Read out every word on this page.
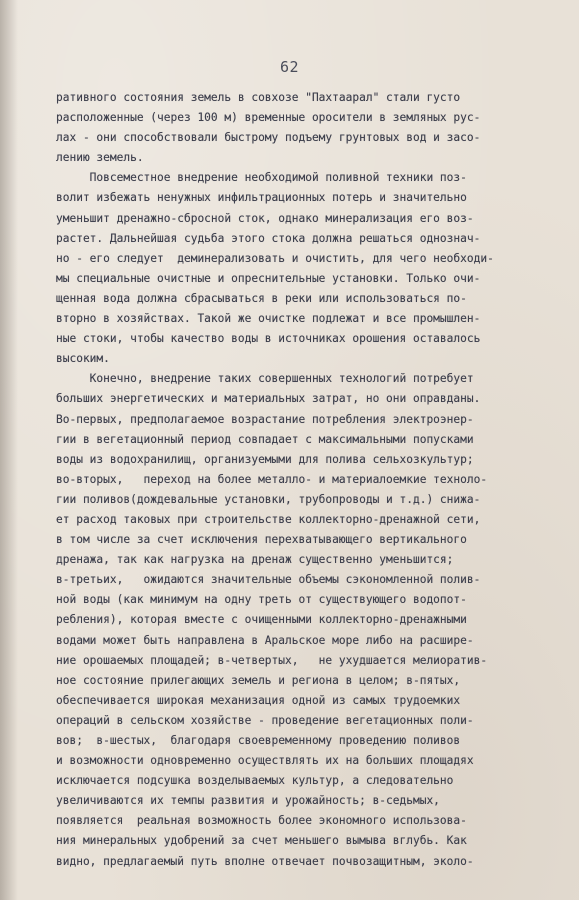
62
ративного состояния земель в совхозе "Пахтаарал" стали густо
расположенные (через 100 м) временные оросители в земляных рус-
лах - они способствовали быстрому подъему грунтовых вод и засо-
лению земель.
Повсеместное внедрение необходимой поливной техники поз-
волит избежать ненужных инфильтрационных потерь и значительно
уменьшит дренажно-сбросной сток, однако минерализация его воз-
растет. Дальнейшая судьба этого стока должна решаться однознач-
но - его следует  деминерализовать и очистить, для чего необходи-
мы специальные очистные и опреснительные установки. Только очи-
щенная вода должна сбрасываться в реки или использоваться по-
вторно в хозяйствах. Такой же очистке подлежат и все промышлен-
ные стоки, чтобы качество воды в источниках орошения оставалось
высоким.
Конечно, внедрение таких совершенных технологий потребует
больших энергетических и материальных затрат, но они оправданы.
Во-первых, предполагаемое возрастание потребления электроэнер-
гии в вегетационный период совпадает с максимальными попусками
воды из водохранилищ, организуемыми для полива сельхозкультур;
во-вторых,   переход на более металло- и материалоемкие техноло-
гии поливов(дождевальные установки, трубопроводы и т.д.) снижа-
ет расход таковых при строительстве коллекторно-дренажной сети,
в том числе за счет исключения перехватывающего вертикального
дренажа, так как нагрузка на дренаж существенно уменьшится;
в-третьих,   ожидаются значительные объемы сэкономленной полив-
ной воды (как минимум на одну треть от существующего водопот-
ребления), которая вместе с очищенными коллекторно-дренажными
водами может быть направлена в Аральское море либо на расшире-
ние орошаемых площадей; в-четвертых,   не ухудшается мелиоратив-
ное состояние прилегающих земель и региона в целом; в-пятых,
обеспечивается широкая механизация одной из самых трудоемких
операций в сельском хозяйстве - проведение вегетационных поли-
вов;  в-шестых,  благодаря своевременному проведению поливов
и возможности одновременно осуществлять их на больших площадях
исключается подсушка возделываемых культур, а следовательно
увеличиваются их темпы развития и урожайность; в-седьмых,
появляется  реальная возможность более экономного использова-
ния минеральных удобрений за счет меньшего вымыва вглубь. Как
видно, предлагаемый путь вполне отвечает почвозащитным, эколо-
